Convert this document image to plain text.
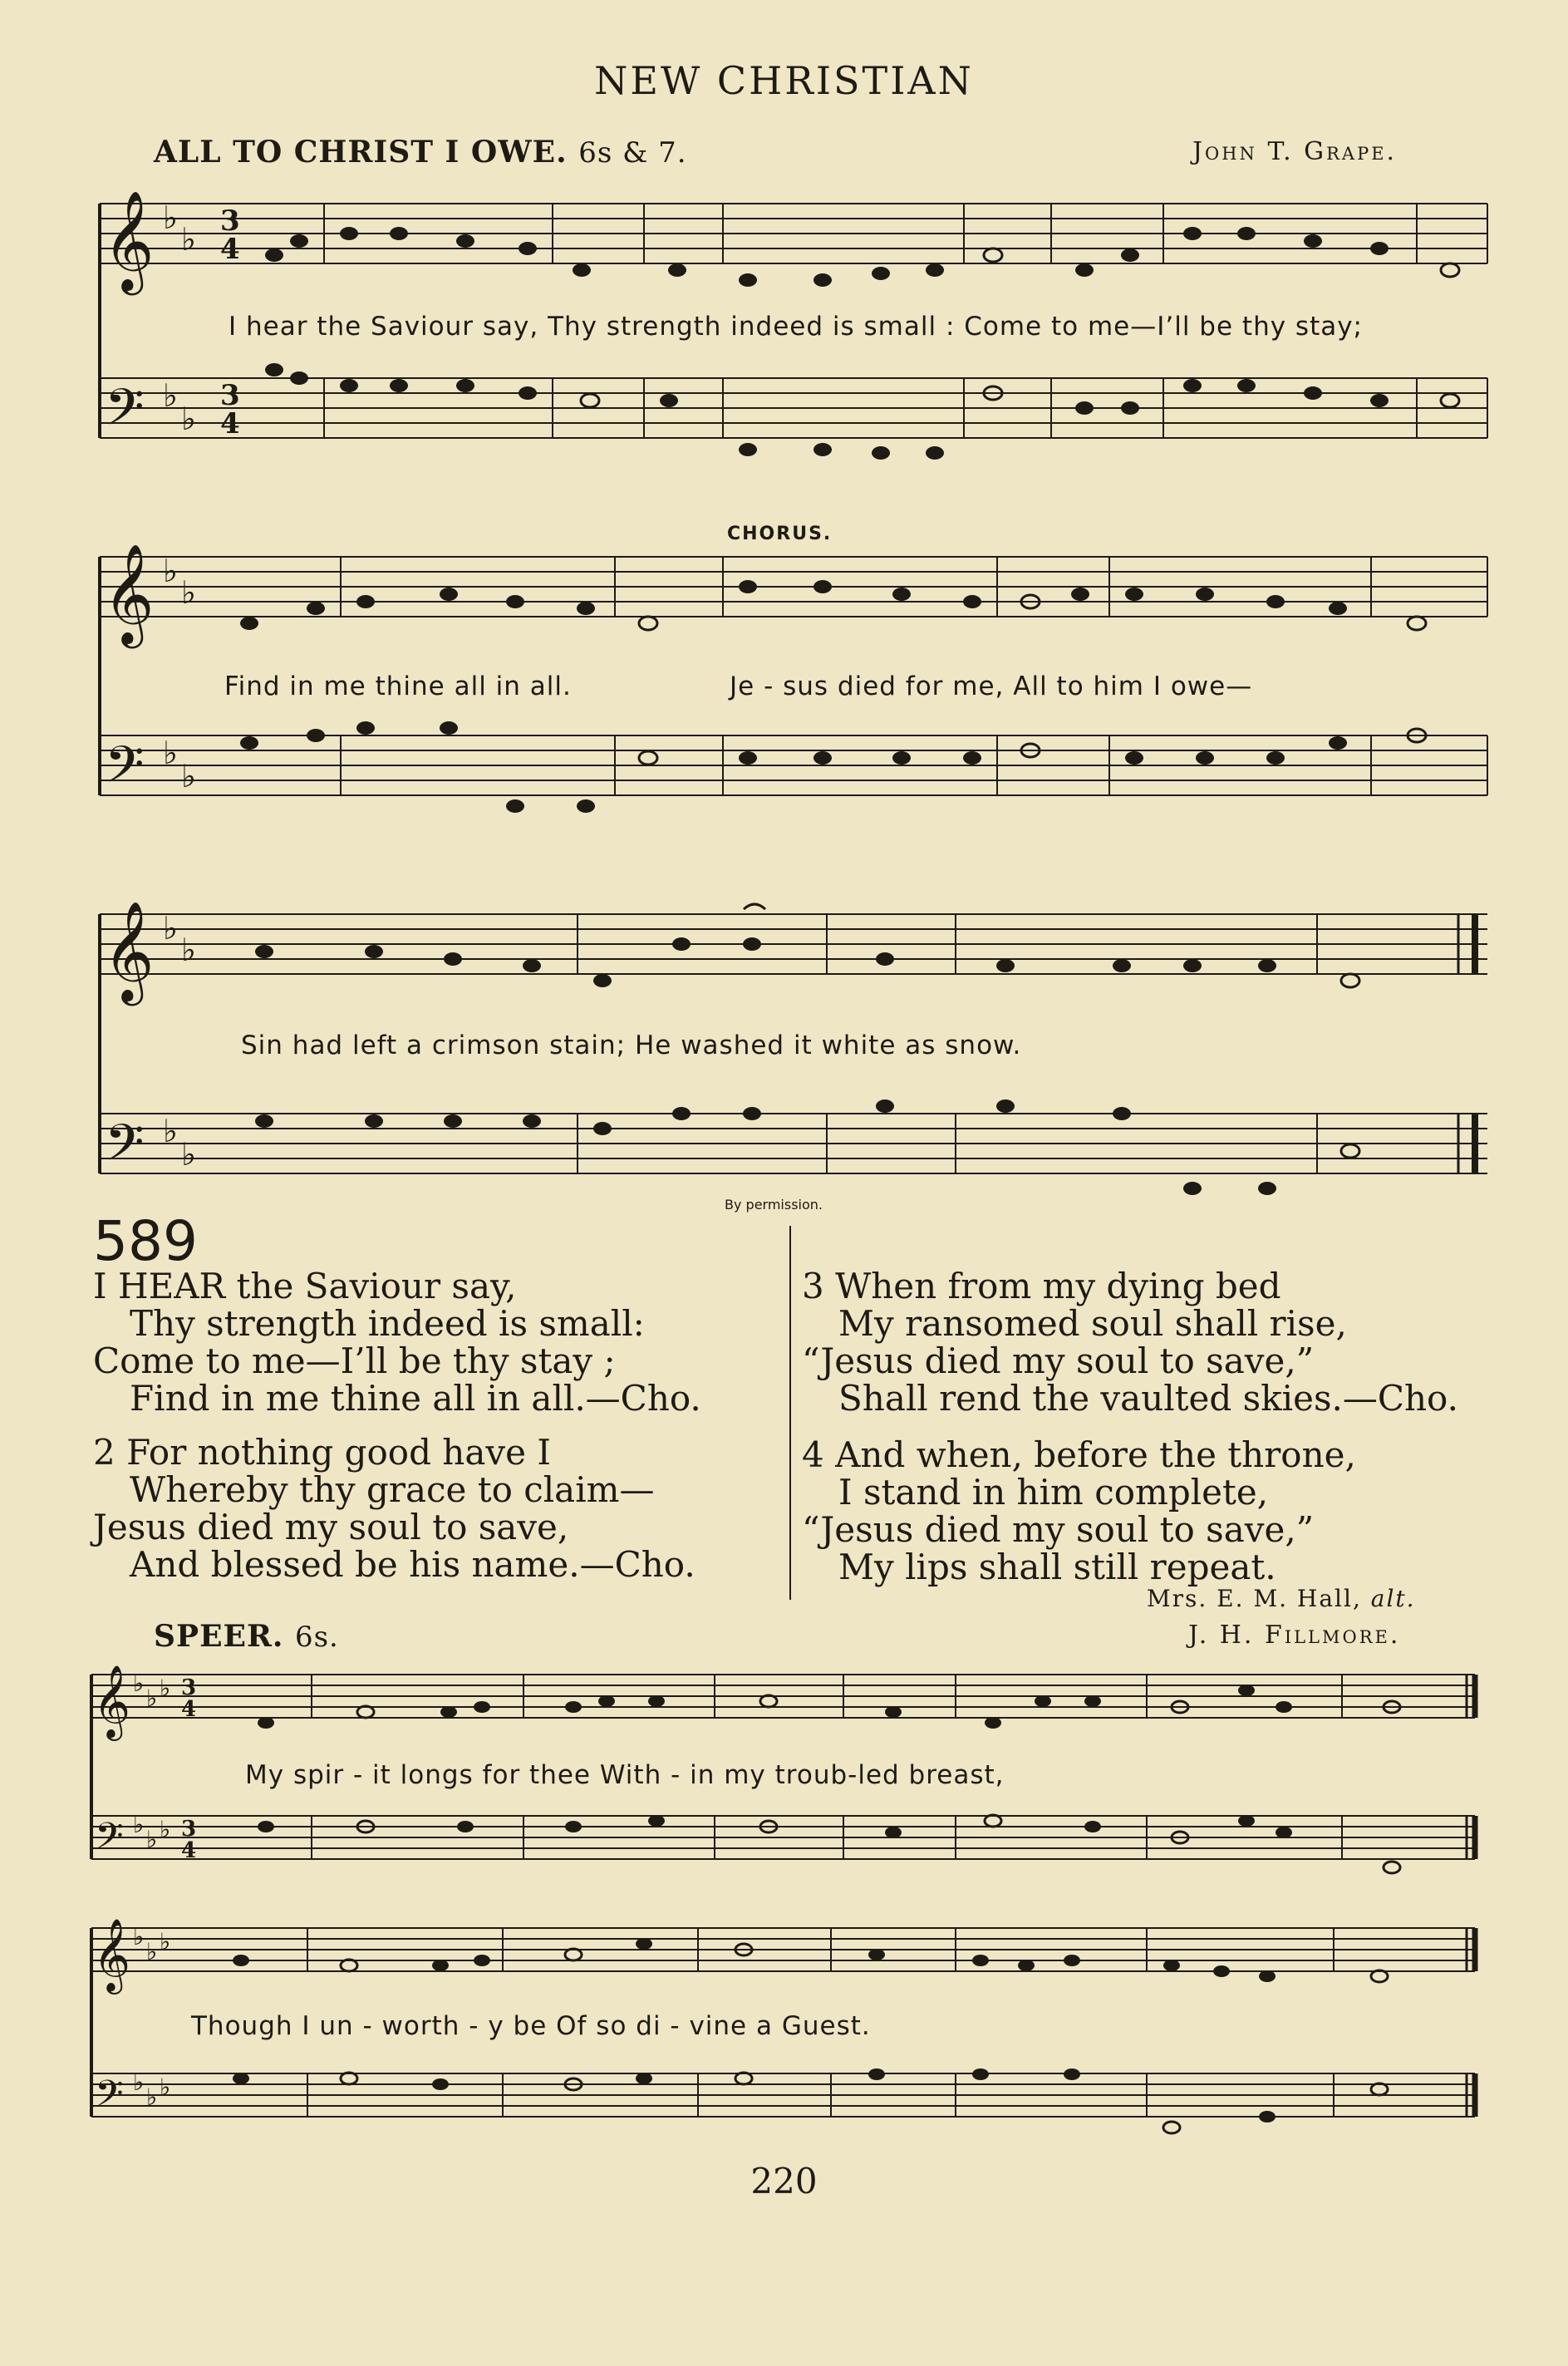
NEW CHRISTIAN
ALL TO CHRIST I OWE. 6s & 7.	John T. Grape.
𝄞
𝄢
♭
♭
♭
♭
3
4
3
4
I hear the Saviour say, Thy strength indeed is small : Come to me—I’ll be thy stay;
CHORUS.
𝄞
𝄢
♭
♭
♭
♭
Find in me thine all in all.	Je - sus died for me, All to him I owe—
𝄞
𝄢
♭
♭
♭
♭
Sin had left a crimson stain; He washed it white as snow.
By permission.
589
I HEAR the Saviour say,
Thy strength indeed is small:
Come to me—I’ll be thy stay ;
Find in me thine all in all.—Cho.
2 For nothing good have I
Whereby thy grace to claim—
Jesus died my soul to save,
And blessed be his name.—Cho.
3 When from my dying bed
My ransomed soul shall rise,
“Jesus died my soul to save,”
Shall rend the vaulted skies.—Cho.
4 And when, before the throne,
I stand in him complete,
“Jesus died my soul to save,”
My lips shall still repeat.
Mrs. E. M. Hall, alt.
SPEER. 6s.	J. H. Fillmore.
𝄞
𝄢
♭
♭ ♭
♭
♭ ♭
3
4
3
4
My spir - it longs for thee With - in my troub-led breast,
𝄞
𝄢
♭
♭ ♭
♭
♭ ♭
Though I un - worth - y be Of so di - vine a Guest.
220
